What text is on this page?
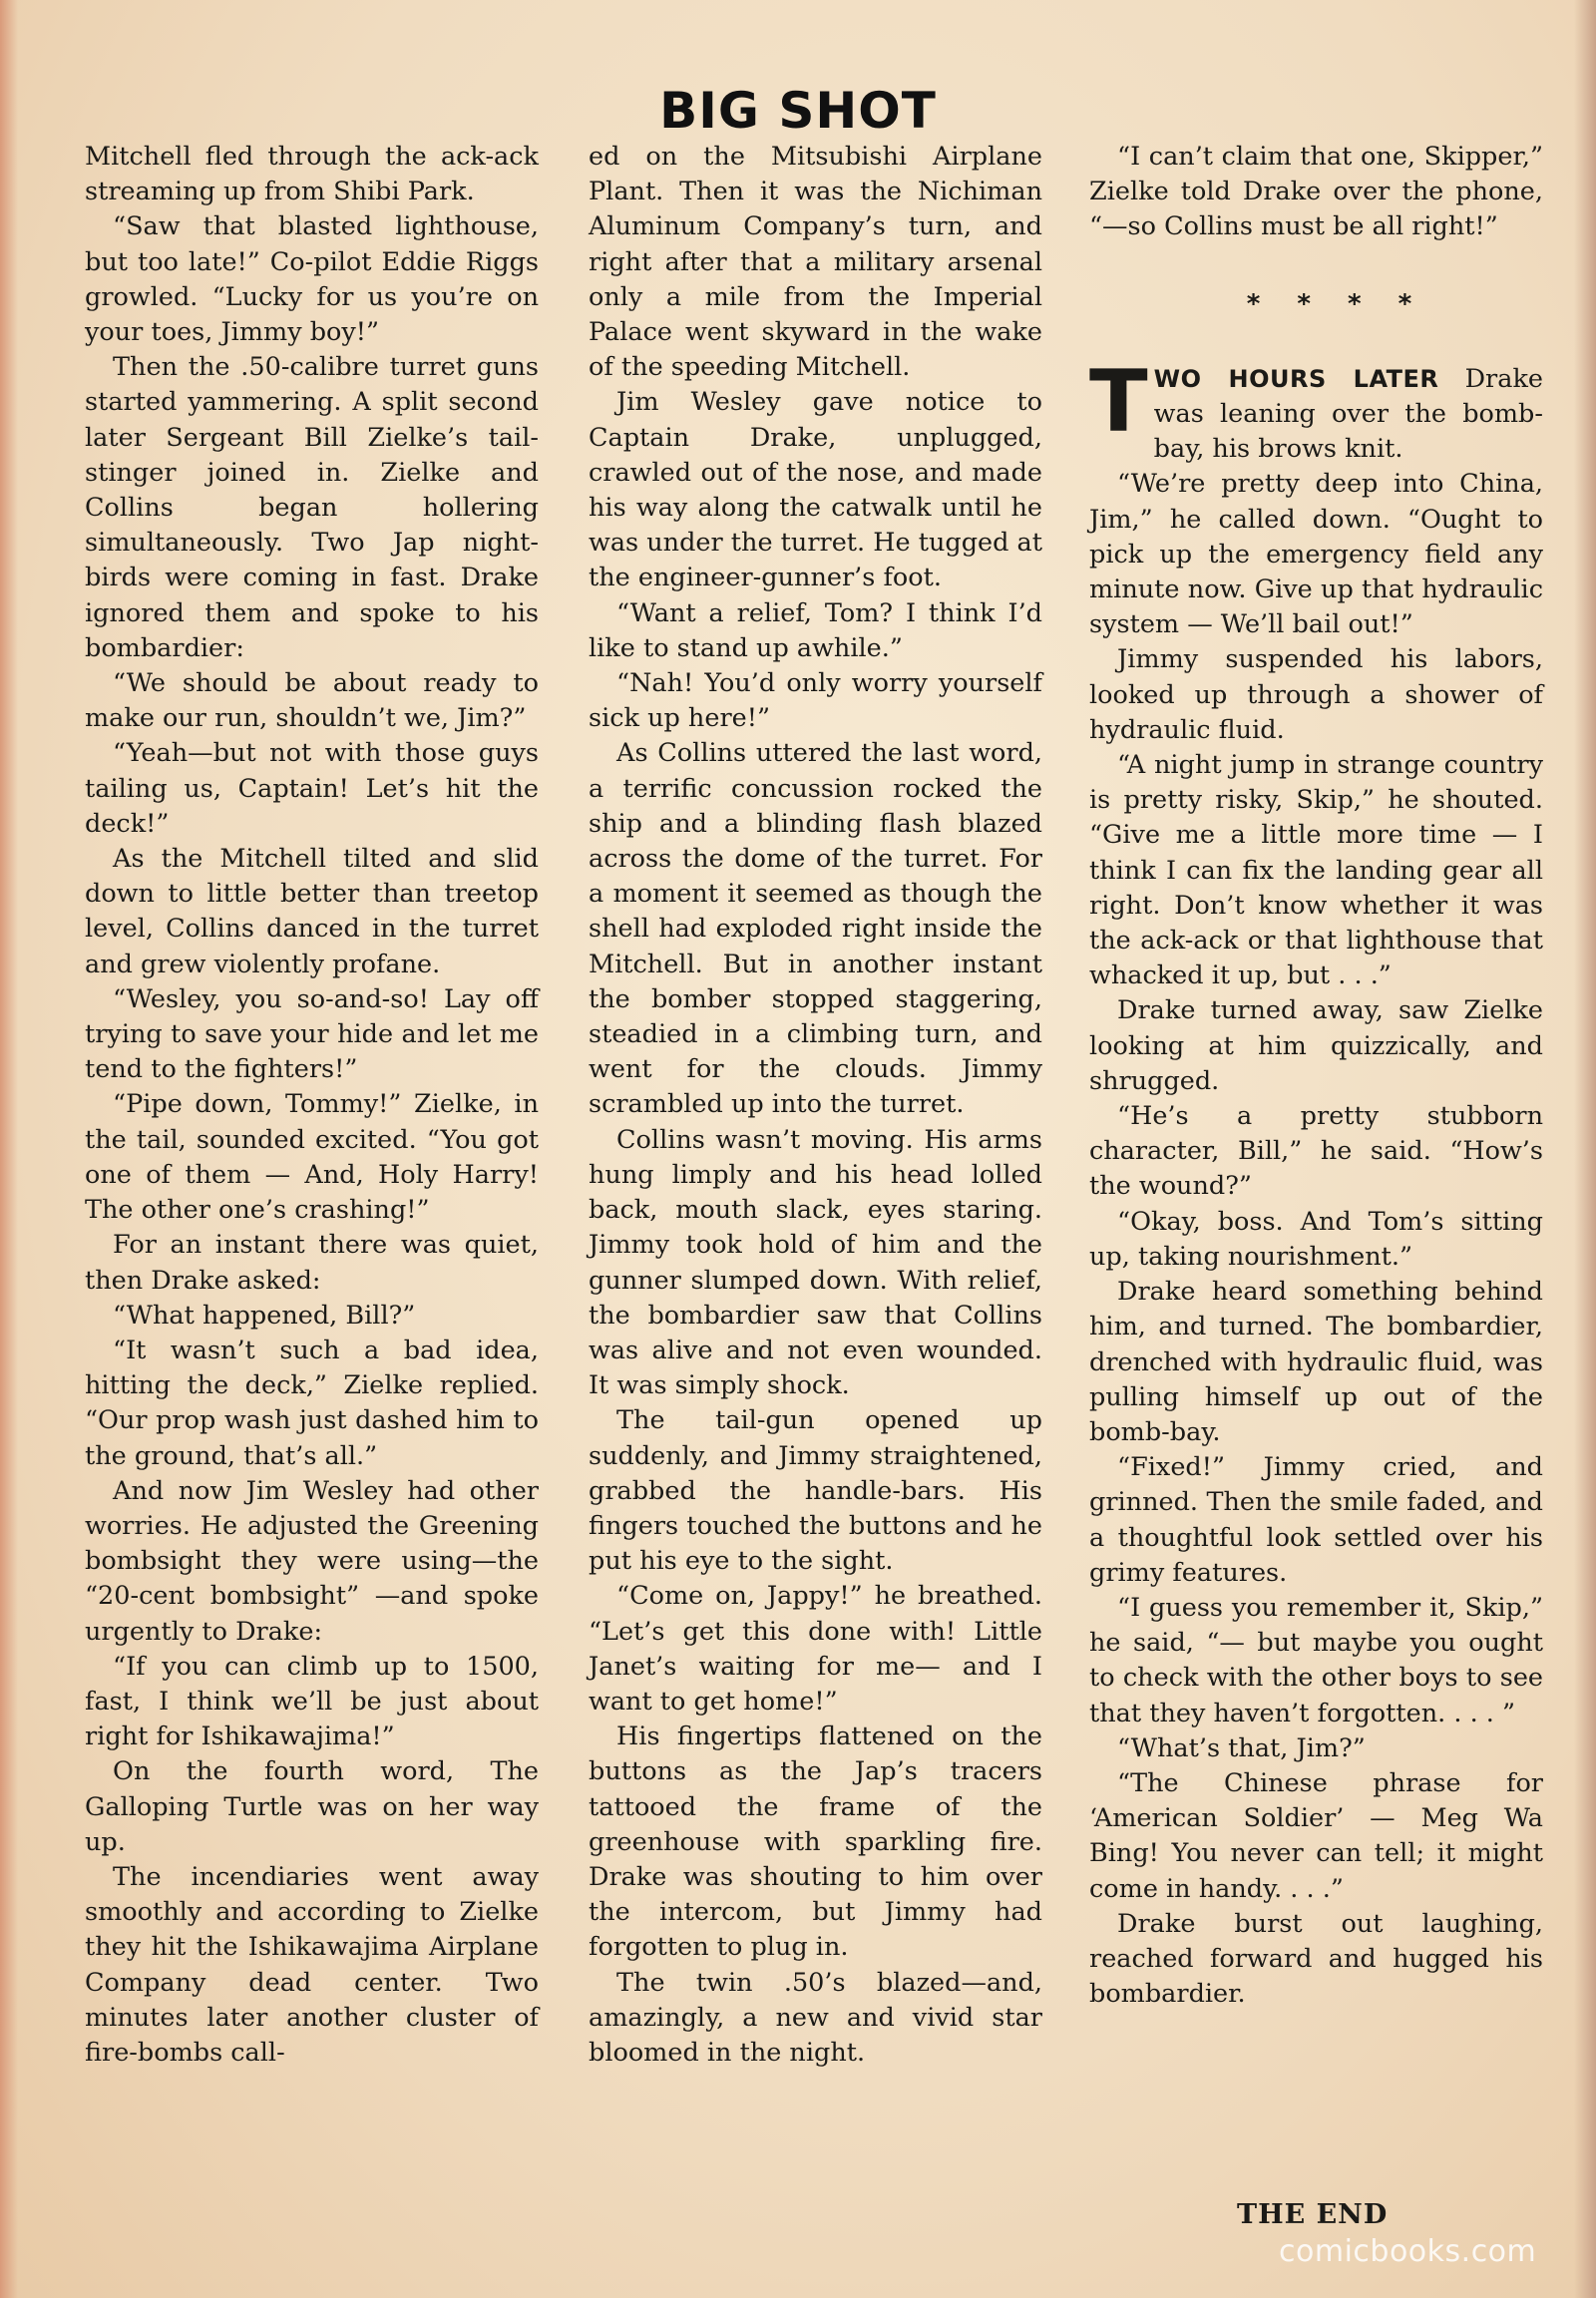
BIG SHOT

Mitchell fled through the ack-ack streaming up from Shibi Park.

“Saw that blasted lighthouse, but too late!” Co-pilot Eddie Riggs growled. “Lucky for us you’re on your toes, Jimmy boy!”

Then the .50-calibre turret guns started yammering. A split second later Sergeant Bill Zielke’s tail-stinger joined in. Zielke and Collins began hollering simultaneously. Two Jap night-birds were coming in fast. Drake ignored them and spoke to his bombardier:

“We should be about ready to make our run, shouldn’t we, Jim?”

“Yeah—but not with those guys tailing us, Captain! Let’s hit the deck!”

As the Mitchell tilted and slid down to little better than treetop level, Collins danced in the turret and grew violently profane.

“Wesley, you so-and-so! Lay off trying to save your hide and let me tend to the fighters!”

“Pipe down, Tommy!” Zielke, in the tail, sounded excited. “You got one of them — And, Holy Harry! The other one’s crashing!”

For an instant there was quiet, then Drake asked:

“What happened, Bill?”

“It wasn’t such a bad idea, hitting the deck,” Zielke replied. “Our prop wash just dashed him to the ground, that’s all.”

And now Jim Wesley had other worries. He adjusted the Greening bombsight they were using—the “20-cent bombsight” —and spoke urgently to Drake:

“If you can climb up to 1500, fast, I think we’ll be just about right for Ishikawajima!”

On the fourth word, The Galloping Turtle was on her way up.

The incendiaries went away smoothly and according to Zielke they hit the Ishikawajima Airplane Company dead center. Two minutes later another cluster of fire-bombs call-

ed on the Mitsubishi Airplane Plant. Then it was the Nichiman Aluminum Company’s turn, and right after that a military arsenal only a mile from the Imperial Palace went skyward in the wake of the speeding Mitchell.

Jim Wesley gave notice to Captain Drake, unplugged, crawled out of the nose, and made his way along the catwalk until he was under the turret. He tugged at the engineer-gunner’s foot.

“Want a relief, Tom? I think I’d like to stand up awhile.”

“Nah! You’d only worry yourself sick up here!”

As Collins uttered the last word, a terrific concussion rocked the ship and a blinding flash blazed across the dome of the turret. For a moment it seemed as though the shell had exploded right inside the Mitchell. But in another instant the bomber stopped staggering, steadied in a climbing turn, and went for the clouds. Jimmy scrambled up into the turret.

Collins wasn’t moving. His arms hung limply and his head lolled back, mouth slack, eyes staring. Jimmy took hold of him and the gunner slumped down. With relief, the bombardier saw that Collins was alive and not even wounded. It was simply shock.

The tail-gun opened up suddenly, and Jimmy straightened, grabbed the handle-bars. His fingers touched the buttons and he put his eye to the sight.

“Come on, Jappy!” he breathed. “Let’s get this done with! Little Janet’s waiting for me— and I want to get home!”

His fingertips flattened on the buttons as the Jap’s tracers tattooed the frame of the greenhouse with sparkling fire. Drake was shouting to him over the intercom, but Jimmy had forgotten to plug in.

The twin .50’s blazed—and, amazingly, a new and vivid star bloomed in the night.

“I can’t claim that one, Skipper,” Zielke told Drake over the phone, “—so Collins must be all right!”

* * * *

TWO HOURS LATER Drake was leaning over the bomb-bay, his brows knit.

“We’re pretty deep into China, Jim,” he called down. “Ought to pick up the emergency field any minute now. Give up that hydraulic system — We’ll bail out!”

Jimmy suspended his labors, looked up through a shower of hydraulic fluid.

“A night jump in strange country is pretty risky, Skip,” he shouted. “Give me a little more time — I think I can fix the landing gear all right. Don’t know whether it was the ack-ack or that lighthouse that whacked it up, but . . .”

Drake turned away, saw Zielke looking at him quizzically, and shrugged.

“He’s a pretty stubborn character, Bill,” he said. “How’s the wound?”

“Okay, boss. And Tom’s sitting up, taking nourishment.”

Drake heard something behind him, and turned. The bombardier, drenched with hydraulic fluid, was pulling himself up out of the bomb-bay.

“Fixed!” Jimmy cried, and grinned. Then the smile faded, and a thoughtful look settled over his grimy features.

“I guess you remember it, Skip,” he said, “— but maybe you ought to check with the other boys to see that they haven’t forgotten. . . . ”

“What’s that, Jim?”

“The Chinese phrase for ‘American Soldier’ — Meg Wa Bing! You never can tell; it might come in handy. . . .”

Drake burst out laughing, reached forward and hugged his bombardier.

THE END
comicbooks.com
